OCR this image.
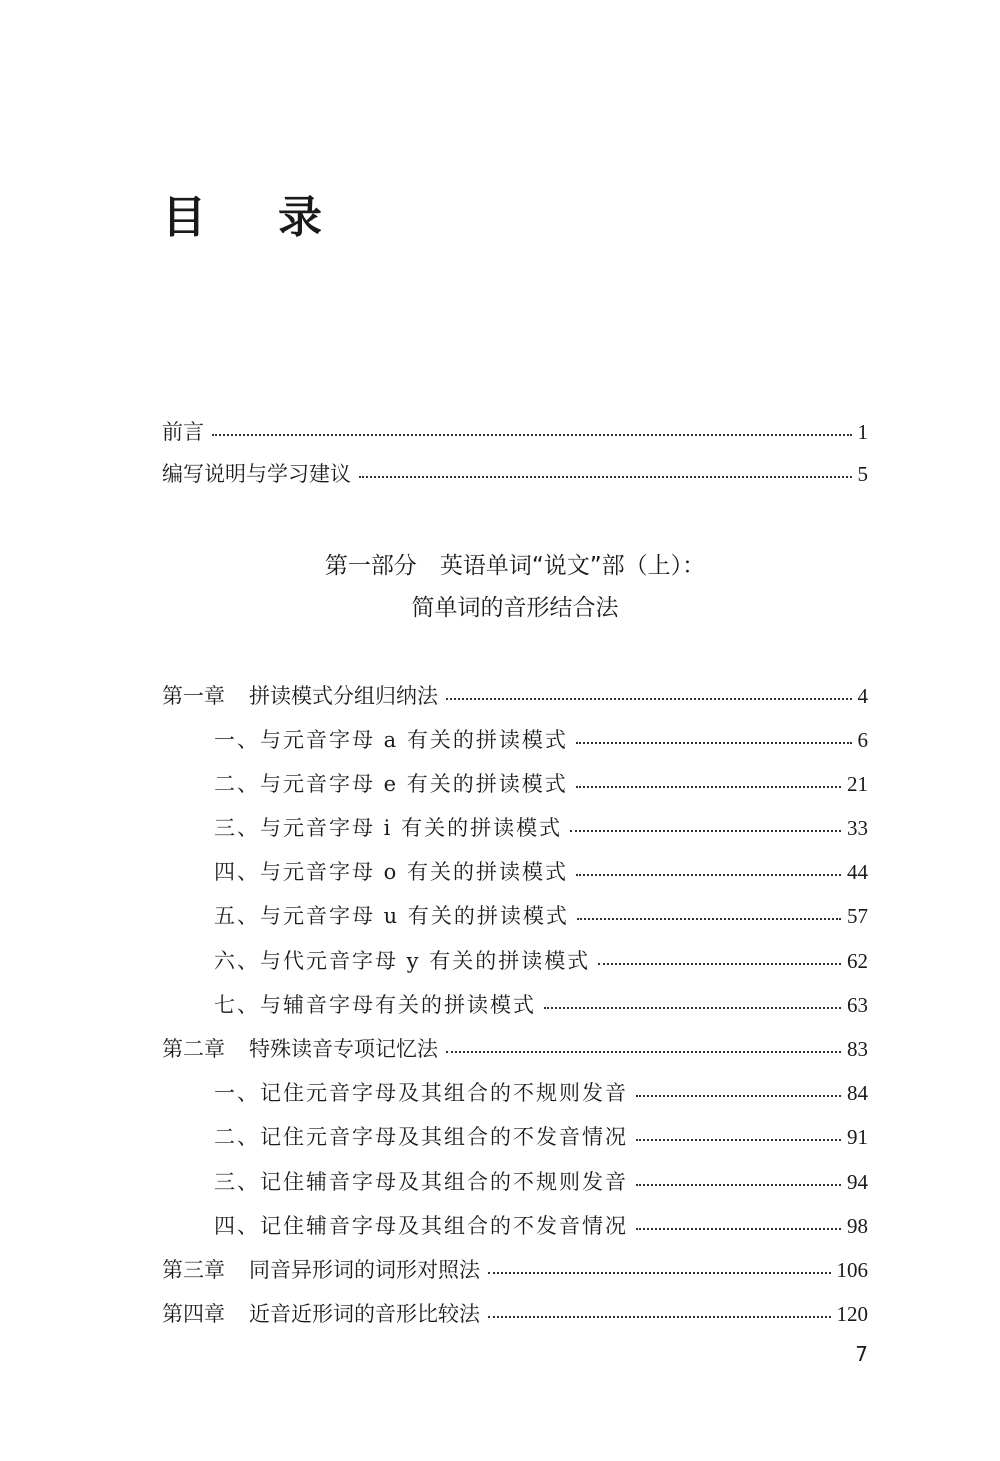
目录
前言	1
编写说明与学习建议	5
第一部分　英语单词“说文”部（上）：
简单词的音形结合法
第一章 拼读模式分组归纳法	4
一、与元音字母 a 有关的拼读模式	6
二、与元音字母 e 有关的拼读模式	21
三、与元音字母 i 有关的拼读模式	33
四、与元音字母 o 有关的拼读模式	44
五、与元音字母 u 有关的拼读模式	57
六、与代元音字母 y 有关的拼读模式	62
七、与辅音字母有关的拼读模式	63
第二章 特殊读音专项记忆法	83
一、记住元音字母及其组合的不规则发音	84
二、记住元音字母及其组合的不发音情况	91
三、记住辅音字母及其组合的不规则发音	94
四、记住辅音字母及其组合的不发音情况	98
第三章 同音异形词的词形对照法	106
第四章 近音近形词的音形比较法	120
7
